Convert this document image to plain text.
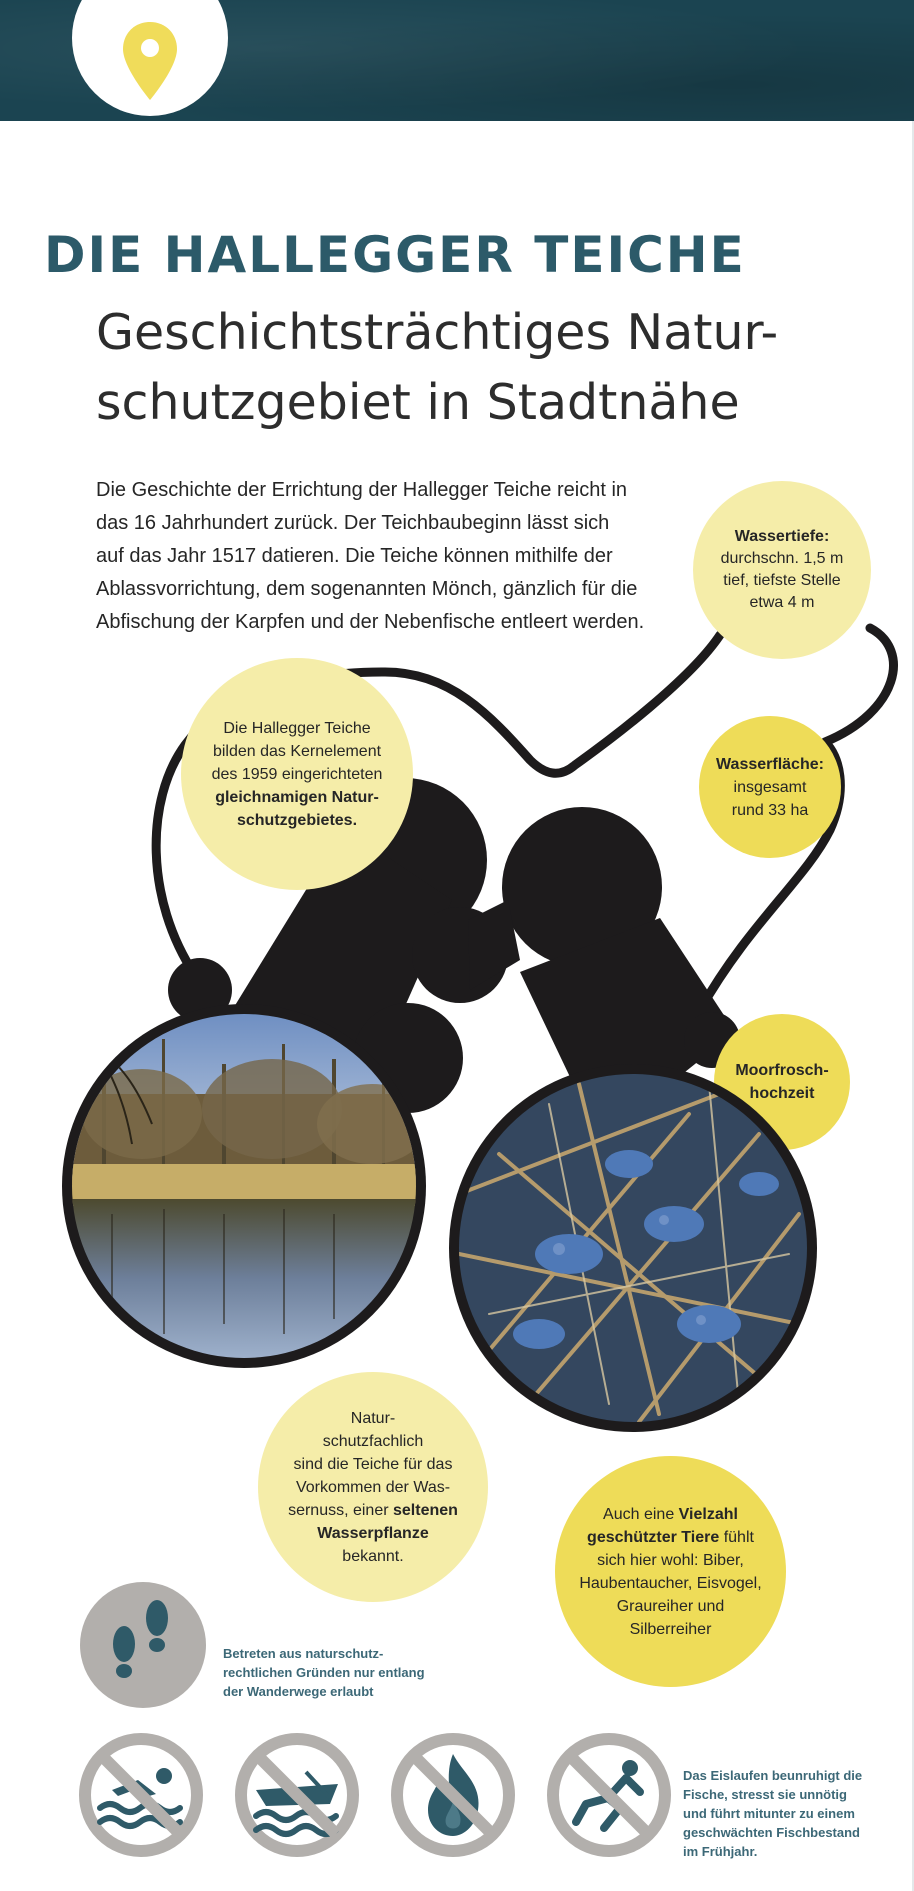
DIE HALLEGGER TEICHE
Geschichtsträchtiges Natur-
schutzgebiet in Stadtnähe
Die Geschichte der Errichtung der Hallegger Teiche reicht in
das 16 Jahrhundert zurück. Der Teichbaubeginn lässt sich
auf das Jahr 1517 datieren. Die Teiche können mithilfe der
Ablassvorrichtung, dem sogenannten Mönch, gänzlich für die
Abfischung der Karpfen und der Nebenfische entleert werden.
Wassertiefe:
durchschn. 1,5 m
tief, tiefste Stelle
etwa 4 m
Wasserfläche:
insgesamt
rund 33 ha
Die Hallegger Teiche
bilden das Kernelement
des 1959 eingerichteten
gleichnamigen Natur-
schutzgebietes.
Moorfrosch-
hochzeit
Natur-
schutzfachlich
sind die Teiche für das
Vorkommen der Was-
sernuss, einer seltenen
Wasserpflanze
bekannt.
Auch eine Vielzahl
geschützter Tiere fühlt
sich hier wohl: Biber,
Haubentaucher, Eisvogel,
Graureiher und
Silberreiher
Betreten aus naturschutz-
rechtlichen Gründen nur entlang
der Wanderwege erlaubt
Das Eislaufen beunruhigt die
Fische, stresst sie unnötig
und führt mitunter zu einem
geschwächten Fischbestand
im Frühjahr.
